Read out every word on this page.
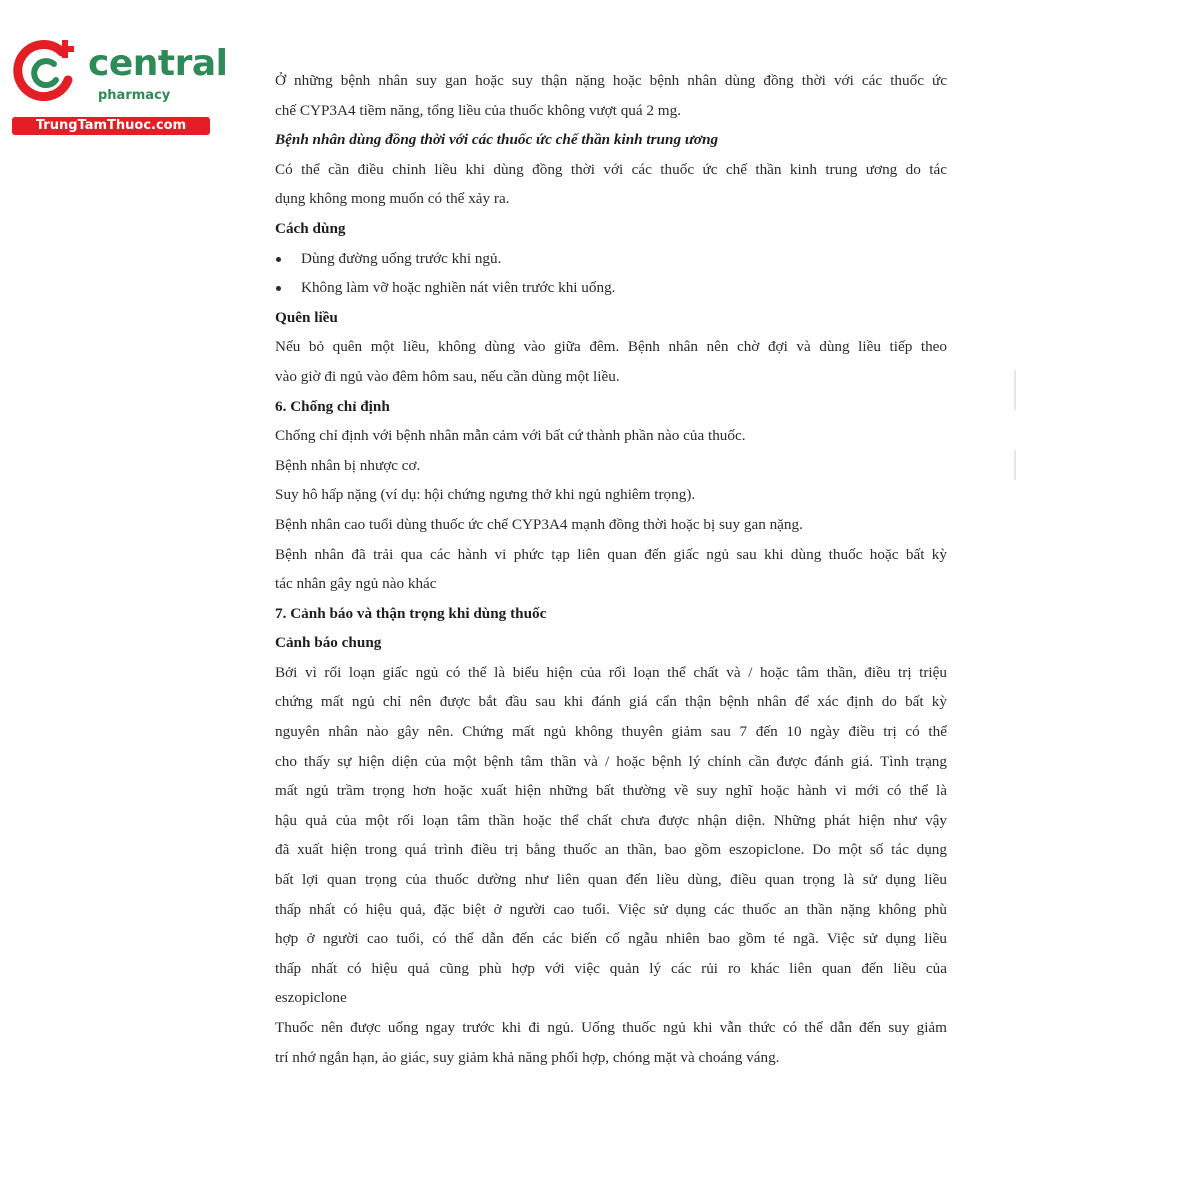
central
pharmacy
TrungTamThuoc.com
Ở những bệnh nhân suy gan hoặc suy thận nặng hoặc bệnh nhân dùng đồng thời với các thuốc ức
chế CYP3A4 tiềm năng, tổng liều của thuốc không vượt quá 2 mg.
Bệnh nhân dùng đồng thời với các thuốc ức chế thần kinh trung ương
Có thể cần điều chỉnh liều khi dùng đồng thời với các thuốc ức chế thần kinh trung ương do tác
dụng không mong muốn có thể xảy ra.
Cách dùng
Dùng đường uống trước khi ngủ.
Không làm vỡ hoặc nghiền nát viên trước khi uống.
Quên liều
Nếu bỏ quên một liều, không dùng vào giữa đêm. Bệnh nhân nên chờ đợi và dùng liều tiếp theo
vào giờ đi ngủ vào đêm hôm sau, nếu cần dùng một liều.
6. Chống chỉ định
Chống chỉ định với bệnh nhân mẫn cảm với bất cứ thành phần nào của thuốc.
Bệnh nhân bị nhược cơ.
Suy hô hấp nặng (ví dụ: hội chứng ngưng thở khi ngủ nghiêm trọng).
Bệnh nhân cao tuổi dùng thuốc ức chế CYP3A4 mạnh đồng thời hoặc bị suy gan nặng.
Bệnh nhân đã trải qua các hành vi phức tạp liên quan đến giấc ngủ sau khi dùng thuốc hoặc bất kỳ
tác nhân gây ngủ nào khác
7. Cảnh báo và thận trọng khi dùng thuốc
Cảnh báo chung
Bởi vì rối loạn giấc ngủ có thể là biểu hiện của rối loạn thể chất và / hoặc tâm thần, điều trị triệu
chứng mất ngủ chỉ nên được bắt đầu sau khi đánh giá cẩn thận bệnh nhân để xác định do bất kỳ
nguyên nhân nào gây nên. Chứng mất ngủ không thuyên giảm sau 7 đến 10 ngày điều trị có thể
cho thấy sự hiện diện của một bệnh tâm thần và / hoặc bệnh lý chính cần được đánh giá. Tình trạng
mất ngủ trầm trọng hơn hoặc xuất hiện những bất thường về suy nghĩ hoặc hành vi mới có thể là
hậu quả của một rối loạn tâm thần hoặc thể chất chưa được nhận diện. Những phát hiện như vậy
đã xuất hiện trong quá trình điều trị bằng thuốc an thần, bao gồm eszopiclone. Do một số tác dụng
bất lợi quan trọng của thuốc dường như liên quan đến liều dùng, điều quan trọng là sử dụng liều
thấp nhất có hiệu quả, đặc biệt ở người cao tuổi. Việc sử dụng các thuốc an thần nặng không phù
hợp ở người cao tuổi, có thể dẫn đến các biến cố ngẫu nhiên bao gồm té ngã. Việc sử dụng liều
thấp nhất có hiệu quả cũng phù hợp với việc quản lý các rủi ro khác liên quan đến liều của
eszopiclone
Thuốc nên được uống ngay trước khi đi ngủ. Uống thuốc ngủ khi vẫn thức có thể dẫn đến suy giảm
trí nhớ ngắn hạn, ảo giác, suy giảm khả năng phối hợp, chóng mặt và choáng váng.
